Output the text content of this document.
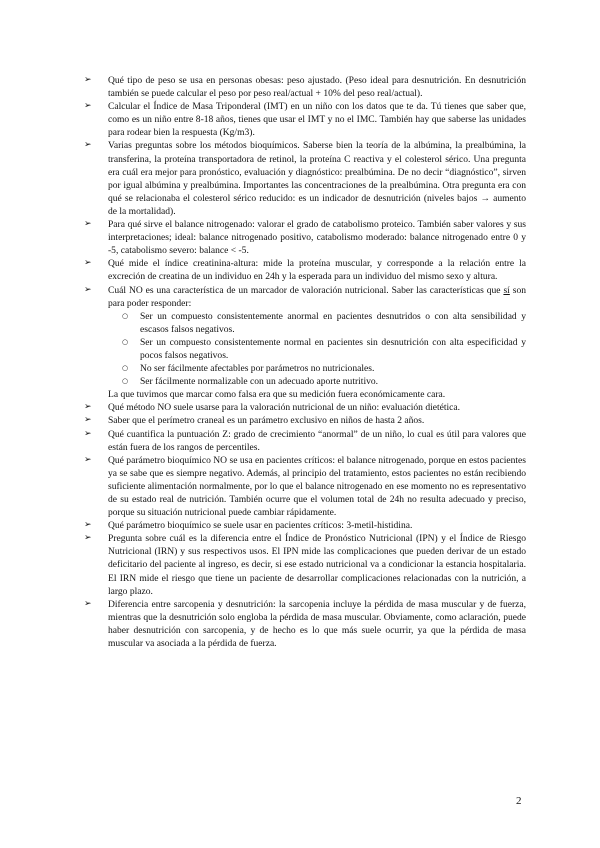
➢	Qué tipo de peso se usa en personas obesas: peso ajustado. (Peso ideal para desnutrición. En desnutrición también se puede calcular el peso por peso real/actual + 10% del peso real/actual).
➢	Calcular el Índice de Masa Triponderal (IMT) en un niño con los datos que te da. Tú tienes que saber que, como es un niño entre 8-18 años, tienes que usar el IMT y no el IMC. También hay que saberse las unidades para rodear bien la respuesta (Kg/m3).
➢	Varias preguntas sobre los métodos bioquímicos. Saberse bien la teoría de la albúmina, la prealbúmina, la transferina, la proteína transportadora de retinol, la proteína C reactiva y el colesterol sérico. Una pregunta era cuál era mejor para pronóstico, evaluación y diagnóstico: prealbúmina. De no decir “diagnóstico”, sirven por igual albúmina y prealbúmina. Importantes las concentraciones de la prealbúmina. Otra pregunta era con qué se relacionaba el colesterol sérico reducido: es un indicador de desnutrición (niveles bajos → aumento de la mortalidad).
➢	Para qué sirve el balance nitrogenado: valorar el grado de catabolismo proteico. También saber valores y sus interpretaciones; ideal: balance nitrogenado positivo, catabolismo moderado: balance nitrogenado entre 0 y -5, catabolismo severo: balance < -5.
➢	Qué mide el índice creatinina-altura: mide la proteína muscular, y corresponde a la relación entre la excreción de creatina de un individuo en 24h y la esperada para un individuo del mismo sexo y altura.
➢	Cuál NO es una característica de un marcador de valoración nutricional. Saber las características que sí son para poder responder:
○ Ser un compuesto consistentemente anormal en pacientes desnutridos o con alta sensibilidad y escasos falsos negativos.
○ Ser un compuesto consistentemente normal en pacientes sin desnutrición con alta especificidad y pocos falsos negativos.
○ No ser fácilmente afectables por parámetros no nutricionales.
○ Ser fácilmente normalizable con un adecuado aporte nutritivo.
La que tuvimos que marcar como falsa era que su medición fuera económicamente cara.
➢	Qué método NO suele usarse para la valoración nutricional de un niño: evaluación dietética.
➢	Saber que el perímetro craneal es un parámetro exclusivo en niños de hasta 2 años.
➢	Qué cuantifica la puntuación Z: grado de crecimiento “anormal” de un niño, lo cual es útil para valores que están fuera de los rangos de percentiles.
➢	Qué parámetro bioquímico NO se usa en pacientes críticos: el balance nitrogenado, porque en estos pacientes ya se sabe que es siempre negativo. Además, al principio del tratamiento, estos pacientes no están recibiendo suficiente alimentación normalmente, por lo que el balance nitrogenado en ese momento no es representativo de su estado real de nutrición. También ocurre que el volumen total de 24h no resulta adecuado y preciso, porque su situación nutricional puede cambiar rápidamente.
➢	Qué parámetro bioquímico se suele usar en pacientes críticos: 3-metil-histidina.
➢	Pregunta sobre cuál es la diferencia entre el Índice de Pronóstico Nutricional (IPN) y el Índice de Riesgo Nutricional (IRN) y sus respectivos usos. El IPN mide las complicaciones que pueden derivar de un estado deficitario del paciente al ingreso, es decir, si ese estado nutricional va a condicionar la estancia hospitalaria. El IRN mide el riesgo que tiene un paciente de desarrollar complicaciones relacionadas con la nutrición, a largo plazo.
➢	Diferencia entre sarcopenia y desnutrición: la sarcopenia incluye la pérdida de masa muscular y de fuerza, mientras que la desnutrición solo engloba la pérdida de masa muscular. Obviamente, como aclaración, puede haber desnutrición con sarcopenia, y de hecho es lo que más suele ocurrir, ya que la pérdida de masa muscular va asociada a la pérdida de fuerza.
2
